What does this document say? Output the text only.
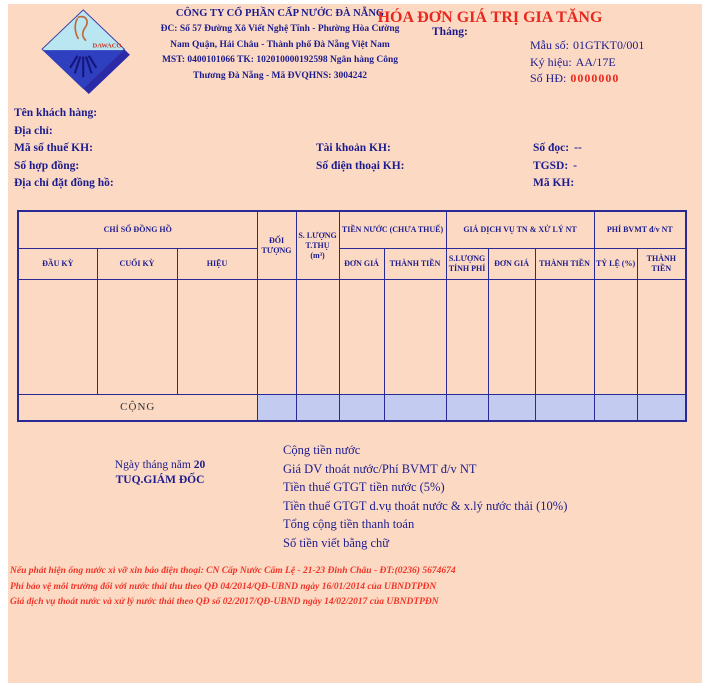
DAWACO
CÔNG TY CỔ PHẦN CẤP NƯỚC ĐÀ NẴNG
ĐC: Số 57 Đường Xô Viết Nghệ Tĩnh - Phường Hòa Cường
Nam Quận, Hải Châu - Thành phố Đà Nẵng Việt Nam
MST: 0400101066 TK: 102010000192598 Ngân hàng Công
Thương Đà Nẵng - Mã ĐVQHNS: 3004242
HÓA ĐƠN GIÁ TRỊ GIA TĂNG
Tháng:
Mẫu số: 01GTKT0/001
Ký hiệu: AA/17E
Số HĐ: 0000000
Tên khách hàng:
Địa chỉ:
Mã số thuế KH:
Số hợp đồng:
Địa chỉ đặt đồng hồ:
Tài khoản KH:
Số điện thoại KH:
Số đọc: --
TGSD: -
Mã KH:
CHỈ SỐ ĐỒNG HỒ			ĐỐI TƯỢNG	S. LƯỢNG T.THỤ (m³)	TIỀN NƯỚC (CHƯA THUẾ)		GIÁ DỊCH VỤ TN & XỬ LÝ NT			PHÍ BVMT đ/v NT	
ĐẦU KỲ	CUỐI KỲ	HIỆU			ĐƠN GIÁ	THÀNH TIỀN	S.LƯỢNG TÍNH PHÍ	ĐƠN GIÁ	THÀNH TIỀN	TỶ LỆ (%)	THÀNH TIỀN

CỘNG											
Ngày tháng năm 20
TUQ.GIÁM ĐỐC
Cộng tiền nước
Giá DV thoát nước/Phí BVMT đ/v NT
Tiền thuế GTGT tiền nước (5%)
Tiền thuế GTGT d.vụ thoát nước & x.lý nước thải (10%)
Tổng cộng tiền thanh toán
Số tiền viết bằng chữ
Nếu phát hiện ống nước xì vỡ xin báo điện thoại: CN Cấp Nước Cẩm Lệ - 21-23 Đinh Châu - ĐT:(0236) 5674674
Phí bảo vệ môi trường đối với nước thải thu theo QĐ 04/2014/QĐ-UBND ngày 16/01/2014 của UBNDTPĐN
Giá dịch vụ thoát nước và xử lý nước thải theo QĐ số 02/2017/QĐ-UBND ngày 14/02/2017 của UBNDTPĐN
